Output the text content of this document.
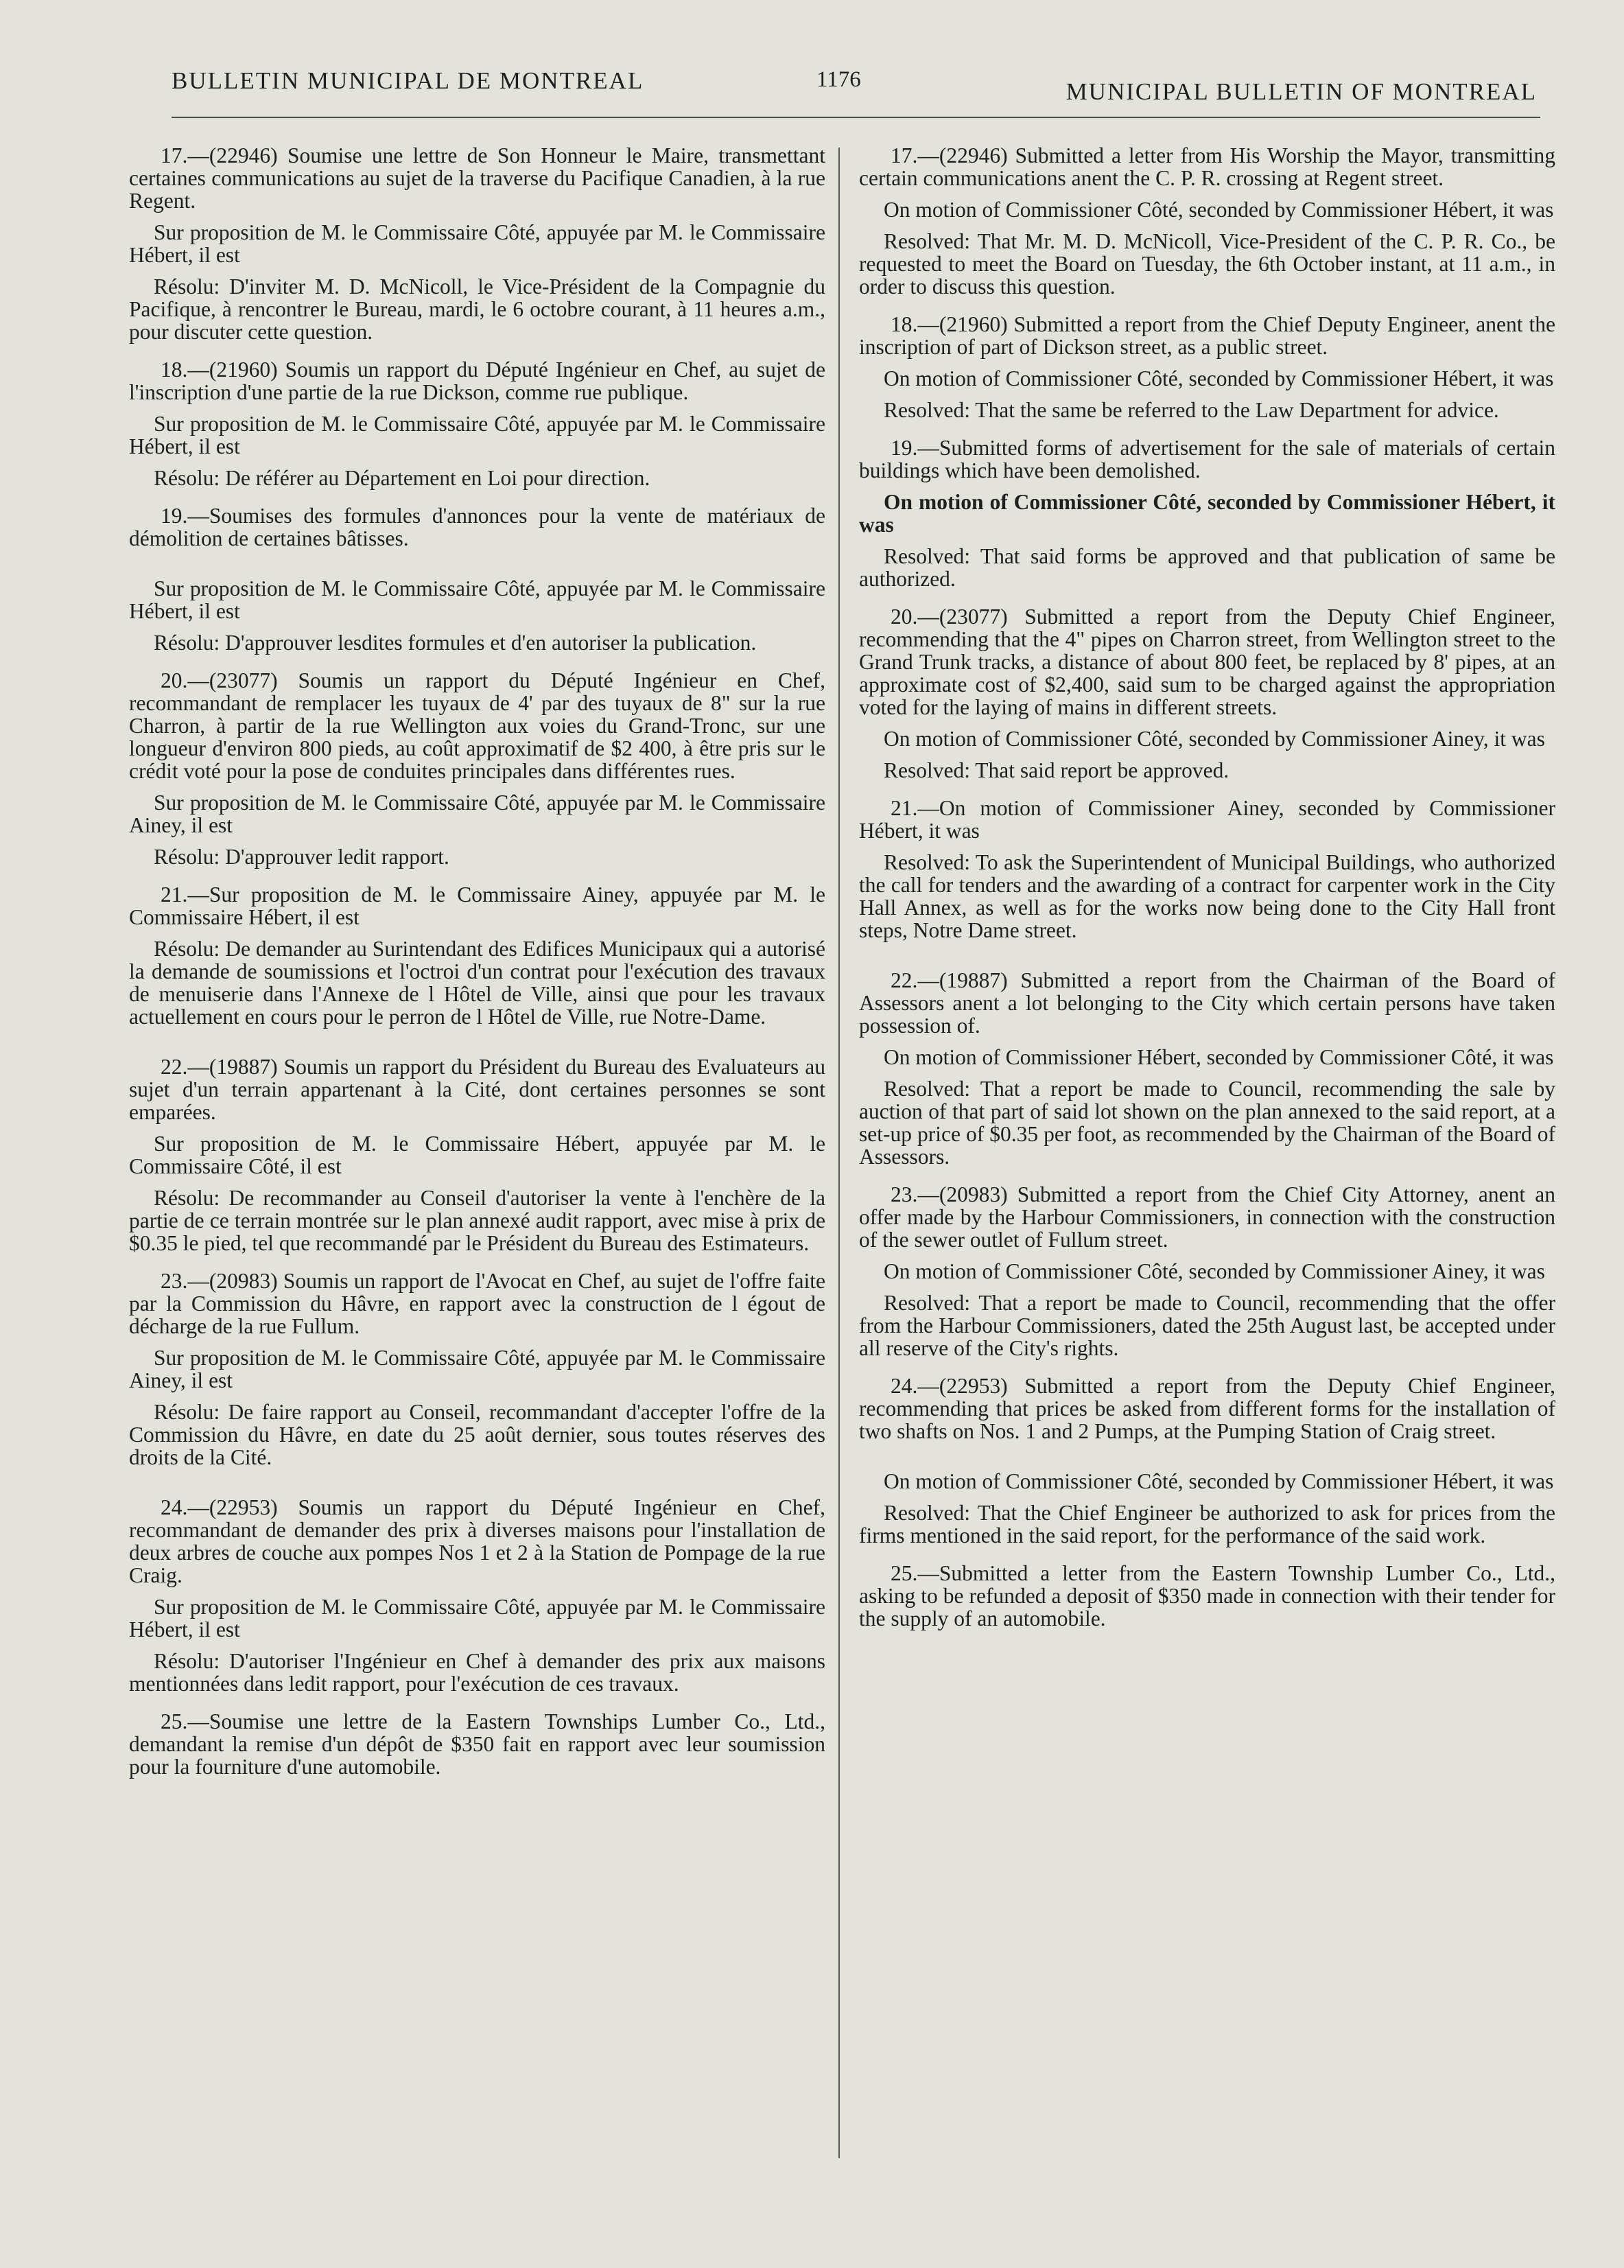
BULLETIN MUNICIPAL DE MONTREAL	1176	MUNICIPAL BULLETIN OF MONTREAL

17.—(22946) Soumise une lettre de Son Honneur le Maire, transmettant certaines communications au sujet de la traverse du Pacifique Canadien, à la rue Regent.

Sur proposition de M. le Commissaire Côté, appuyée par M. le Commissaire Hébert, il est

Résolu: D'inviter M. D. McNicoll, le Vice-Président de la Compagnie du Pacifique, à rencontrer le Bureau, mardi, le 6 octobre courant, à 11 heures a.m., pour discuter cette question.

18.—(21960) Soumis un rapport du Député Ingénieur en Chef, au sujet de l'inscription d'une partie de la rue Dickson, comme rue publique.

Sur proposition de M. le Commissaire Côté, appuyée par M. le Commissaire Hébert, il est

Résolu: De référer au Département en Loi pour direction.

19.—Soumises des formules d'annonces pour la vente de matériaux de démolition de certaines bâtisses.

Sur proposition de M. le Commissaire Côté, appuyée par M. le Commissaire Hébert, il est

Résolu: D'approuver lesdites formules et d'en autoriser la publication.

20.—(23077) Soumis un rapport du Député Ingénieur en Chef, recommandant de remplacer les tuyaux de 4' par des tuyaux de 8" sur la rue Charron, à partir de la rue Wellington aux voies du Grand-Tronc, sur une longueur d'environ 800 pieds, au coût approximatif de $2 400, à être pris sur le crédit voté pour la pose de conduites principales dans différentes rues.

Sur proposition de M. le Commissaire Côté, appuyée par M. le Commissaire Ainey, il est

Résolu: D'approuver ledit rapport.

21.—Sur proposition de M. le Commissaire Ainey, appuyée par M. le Commissaire Hébert, il est

Résolu: De demander au Surintendant des Edifices Municipaux qui a autorisé la demande de soumissions et l'octroi d'un contrat pour l'exécution des travaux de menuiserie dans l'Annexe de l Hôtel de Ville, ainsi que pour les travaux actuellement en cours pour le perron de l Hôtel de Ville, rue Notre-Dame.

22.—(19887) Soumis un rapport du Président du Bureau des Evaluateurs au sujet d'un terrain appartenant à la Cité, dont certaines personnes se sont emparées.

Sur proposition de M. le Commissaire Hébert, appuyée par M. le Commissaire Côté, il est

Résolu: De recommander au Conseil d'autoriser la vente à l'enchère de la partie de ce terrain montrée sur le plan annexé audit rapport, avec mise à prix de $0.35 le pied, tel que recommandé par le Président du Bureau des Estimateurs.

23.—(20983) Soumis un rapport de l'Avocat en Chef, au sujet de l'offre faite par la Commission du Hâvre, en rapport avec la construction de l égout de décharge de la rue Fullum.

Sur proposition de M. le Commissaire Côté, appuyée par M. le Commissaire Ainey, il est

Résolu: De faire rapport au Conseil, recommandant d'accepter l'offre de la Commission du Hâvre, en date du 25 août dernier, sous toutes réserves des droits de la Cité.

24.—(22953) Soumis un rapport du Député Ingénieur en Chef, recommandant de demander des prix à diverses maisons pour l'installation de deux arbres de couche aux pompes Nos 1 et 2 à la Station de Pompage de la rue Craig.

Sur proposition de M. le Commissaire Côté, appuyée par M. le Commissaire Hébert, il est

Résolu: D'autoriser l'Ingénieur en Chef à demander des prix aux maisons mentionnées dans ledit rapport, pour l'exécution de ces travaux.

25.—Soumise une lettre de la Eastern Townships Lumber Co., Ltd., demandant la remise d'un dépôt de $350 fait en rapport avec leur soumission pour la fourniture d'une automobile.

17.—(22946) Submitted a letter from His Worship the Mayor, transmitting certain communications anent the C. P. R. crossing at Regent street.

On motion of Commissioner Côté, seconded by Commissioner Hébert, it was

Resolved: That Mr. M. D. McNicoll, Vice-President of the C. P. R. Co., be requested to meet the Board on Tuesday, the 6th October instant, at 11 a.m., in order to discuss this question.

18.—(21960) Submitted a report from the Chief Deputy Engineer, anent the inscription of part of Dickson street, as a public street.

On motion of Commissioner Côté, seconded by Commissioner Hébert, it was

Resolved: That the same be referred to the Law Department for advice.

19.—Submitted forms of advertisement for the sale of materials of certain buildings which have been demolished.

On motion of Commissioner Côté, seconded by Commissioner Hébert, it was

Resolved: That said forms be approved and that publication of same be authorized.

20.—(23077) Submitted a report from the Deputy Chief Engineer, recommending that the 4" pipes on Charron street, from Wellington street to the Grand Trunk tracks, a distance of about 800 feet, be replaced by 8' pipes, at an approximate cost of $2,400, said sum to be charged against the appropriation voted for the laying of mains in different streets.

On motion of Commissioner Côté, seconded by Commissioner Ainey, it was

Resolved: That said report be approved.

21.—On motion of Commissioner Ainey, seconded by Commissioner Hébert, it was

Resolved: To ask the Superintendent of Municipal Buildings, who authorized the call for tenders and the awarding of a contract for carpenter work in the City Hall Annex, as well as for the works now being done to the City Hall front steps, Notre Dame street.

22.—(19887) Submitted a report from the Chairman of the Board of Assessors anent a lot belonging to the City which certain persons have taken possession of.

On motion of Commissioner Hébert, seconded by Commissioner Côté, it was

Resolved: That a report be made to Council, recommending the sale by auction of that part of said lot shown on the plan annexed to the said report, at a set-up price of $0.35 per foot, as recommended by the Chairman of the Board of Assessors.

23.—(20983) Submitted a report from the Chief City Attorney, anent an offer made by the Harbour Commissioners, in connection with the construction of the sewer outlet of Fullum street.

On motion of Commissioner Côté, seconded by Commissioner Ainey, it was

Resolved: That a report be made to Council, recommending that the offer from the Harbour Commissioners, dated the 25th August last, be accepted under all reserve of the City's rights.

24.—(22953) Submitted a report from the Deputy Chief Engineer, recommending that prices be asked from different forms for the installation of two shafts on Nos. 1 and 2 Pumps, at the Pumping Station of Craig street.

On motion of Commissioner Côté, seconded by Commissioner Hébert, it was

Resolved: That the Chief Engineer be authorized to ask for prices from the firms mentioned in the said report, for the performance of the said work.

25.—Submitted a letter from the Eastern Township Lumber Co., Ltd., asking to be refunded a deposit of $350 made in connection with their tender for the supply of an automobile.
